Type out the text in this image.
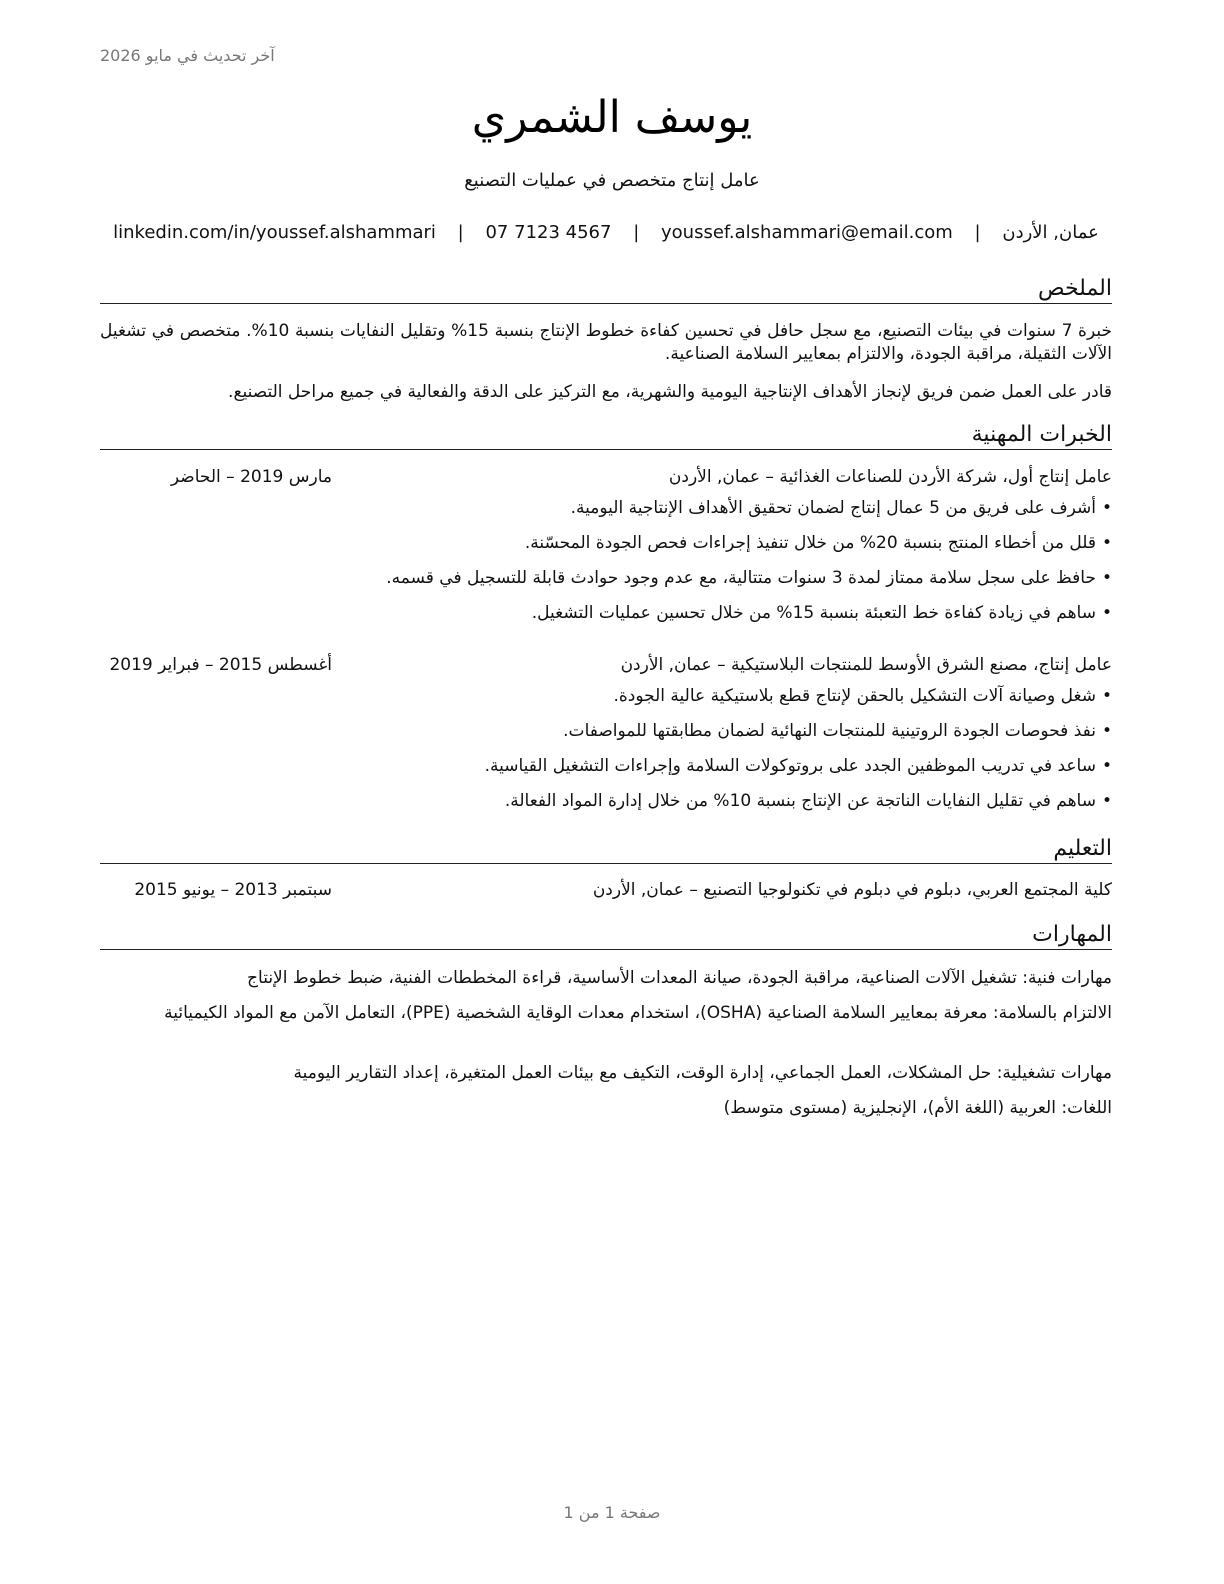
آخر تحديث في مايو 2026
يوسف الشمري
عامل إنتاج متخصص في عمليات التصنيع
عمان, الأردن | youssef.alshammari@email.com | 07 7123 4567 | linkedin.com/in/youssef.alshammari
الملخص
خبرة 7 سنوات في بيئات التصنيع، مع سجل حافل في تحسين كفاءة خطوط الإنتاج بنسبة 15% وتقليل النفايات بنسبة 10%. متخصص في تشغيل الآلات الثقيلة، مراقبة الجودة، والالتزام بمعايير السلامة الصناعية.
قادر على العمل ضمن فريق لإنجاز الأهداف الإنتاجية اليومية والشهرية، مع التركيز على الدقة والفعالية في جميع مراحل التصنيع.
الخبرات المهنية
عامل إنتاج أول، شركة الأردن للصناعات الغذائية – عمان, الأردن
مارس 2019 – الحاضر
•أشرف على فريق من 5 عمال إنتاج لضمان تحقيق الأهداف الإنتاجية اليومية.
•قلل من أخطاء المنتج بنسبة 20% من خلال تنفيذ إجراءات فحص الجودة المحسّنة.
•حافظ على سجل سلامة ممتاز لمدة 3 سنوات متتالية، مع عدم وجود حوادث قابلة للتسجيل في قسمه.
•ساهم في زيادة كفاءة خط التعبئة بنسبة 15% من خلال تحسين عمليات التشغيل.
عامل إنتاج، مصنع الشرق الأوسط للمنتجات البلاستيكية – عمان, الأردن
أغسطس 2015 – فبراير 2019
•شغل وصيانة آلات التشكيل بالحقن لإنتاج قطع بلاستيكية عالية الجودة.
•نفذ فحوصات الجودة الروتينية للمنتجات النهائية لضمان مطابقتها للمواصفات.
•ساعد في تدريب الموظفين الجدد على بروتوكولات السلامة وإجراءات التشغيل القياسية.
•ساهم في تقليل النفايات الناتجة عن الإنتاج بنسبة 10% من خلال إدارة المواد الفعالة.
التعليم
كلية المجتمع العربي، دبلوم في دبلوم في تكنولوجيا التصنيع – عمان, الأردن
سبتمبر 2013 – يونيو 2015
المهارات
مهارات فنية: تشغيل الآلات الصناعية، مراقبة الجودة، صيانة المعدات الأساسية، قراءة المخططات الفنية، ضبط خطوط الإنتاج
الالتزام بالسلامة: معرفة بمعايير السلامة الصناعية (OSHA)، استخدام معدات الوقاية الشخصية (PPE)، التعامل الآمن مع المواد الكيميائية
مهارات تشغيلية: حل المشكلات، العمل الجماعي، إدارة الوقت، التكيف مع بيئات العمل المتغيرة، إعداد التقارير اليومية
اللغات: العربية (اللغة الأم)، الإنجليزية (مستوى متوسط)
صفحة 1 من 1
